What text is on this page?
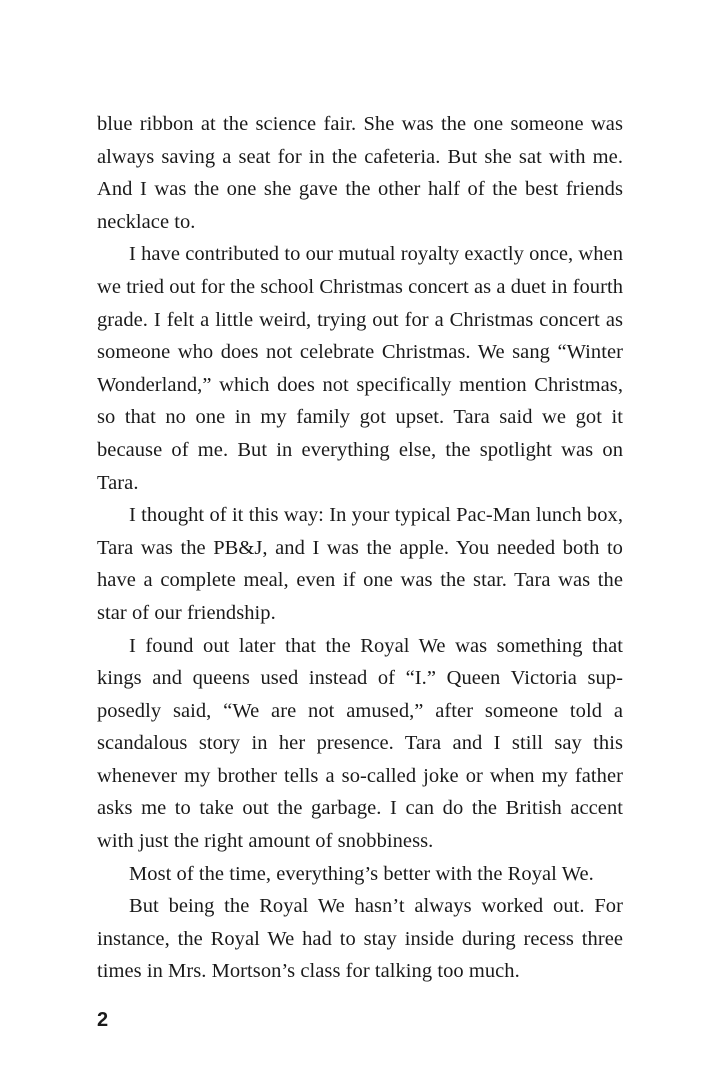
blue ribbon at the science fair. She was the one someone was always saving a seat for in the cafeteria. But she sat with me. And I was the one she gave the other half of the best friends necklace to.

I have contributed to our mutual royalty exactly once, when we tried out for the school Christmas concert as a duet in fourth grade. I felt a little weird, trying out for a Christmas concert as someone who does not celebrate Christmas. We sang “Winter Wonderland,” which does not specifically mention Christmas, so that no one in my family got upset. Tara said we got it because of me. But in everything else, the spotlight was on Tara.

I thought of it this way: In your typical Pac-Man lunch box, Tara was the PB&J, and I was the apple. You needed both to have a complete meal, even if one was the star. Tara was the star of our friendship.

I found out later that the Royal We was something that kings and queens used instead of “I.” Queen Victoria supposedly said, “We are not amused,” after someone told a scandalous story in her presence. Tara and I still say this whenever my brother tells a so-called joke or when my father asks me to take out the garbage. I can do the British accent with just the right amount of snobbiness.

Most of the time, everything’s better with the Royal We.

But being the Royal We hasn’t always worked out. For instance, the Royal We had to stay inside during recess three times in Mrs. Mortson’s class for talking too much.

2
